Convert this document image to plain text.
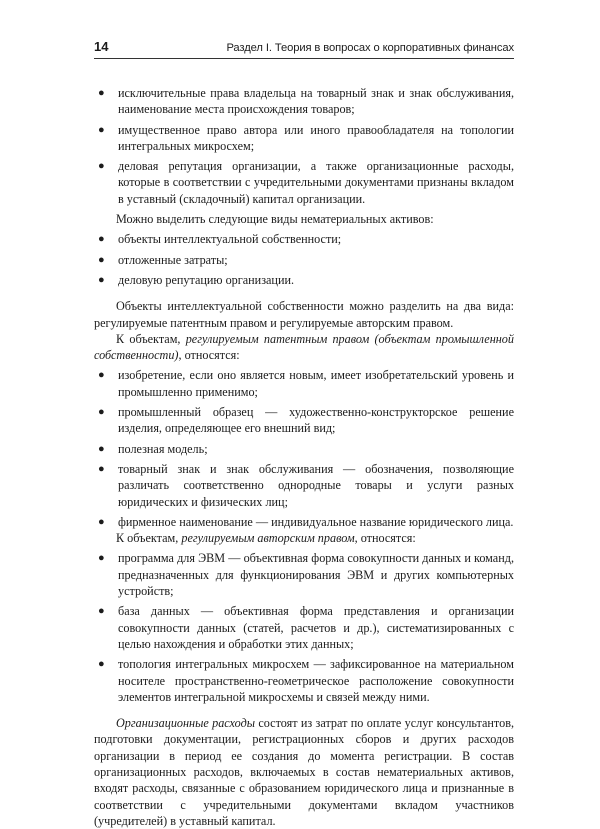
14	Раздел I. Теория в вопросах о корпоративных финансах
● исключительные права владельца на товарный знак и знак обслуживания, наименование места происхождения товаров;
● имущественное право автора или иного правообладателя на топологии интегральных микросхем;
● деловая репутация организации, а также организационные расходы, которые в соответствии с учредительными документами признаны вкладом в уставный (складочный) капитал организации.

Можно выделить следующие виды нематериальных активов:

● объекты интеллектуальной собственности;
● отложенные затраты;
● деловую репутацию организации.

Объекты интеллектуальной собственности можно разделить на два вида: регулируемые патентным правом и регулируемые авторским правом.

К объектам, регулируемым патентным правом (объектам промышленной собственности), относятся:

● изобретение, если оно является новым, имеет изобретательский уровень и промышленно применимо;
● промышленный образец — художественно-конструкторское решение изделия, определяющее его внешний вид;
● полезная модель;
● товарный знак и знак обслуживания — обозначения, позволяющие различать соответственно однородные товары и услуги разных юридических и физических лиц;
● фирменное наименование — индивидуальное название юридического лица.

К объектам, регулируемым авторским правом, относятся:

● программа для ЭВМ — объективная форма совокупности данных и команд, предназначенных для функционирования ЭВМ и других компьютерных устройств;
● база данных — объективная форма представления и организации совокупности данных (статей, расчетов и др.), систематизированных с целью нахождения и обработки этих данных;
● топология интегральных микросхем — зафиксированное на материальном носителе пространственно-геометрическое расположение совокупности элементов интегральной микросхемы и связей между ними.

Организационные расходы состоят из затрат по оплате услуг консультантов, подготовки документации, регистрационных сборов и других расходов организации в период ее создания до момента регистрации. В состав организационных расходов, включаемых в состав нематериальных активов, входят расходы, связанные с образованием юридического лица и признанные в соответствии с учредительными документами вкладом участников (учредителей) в уставный капитал.
